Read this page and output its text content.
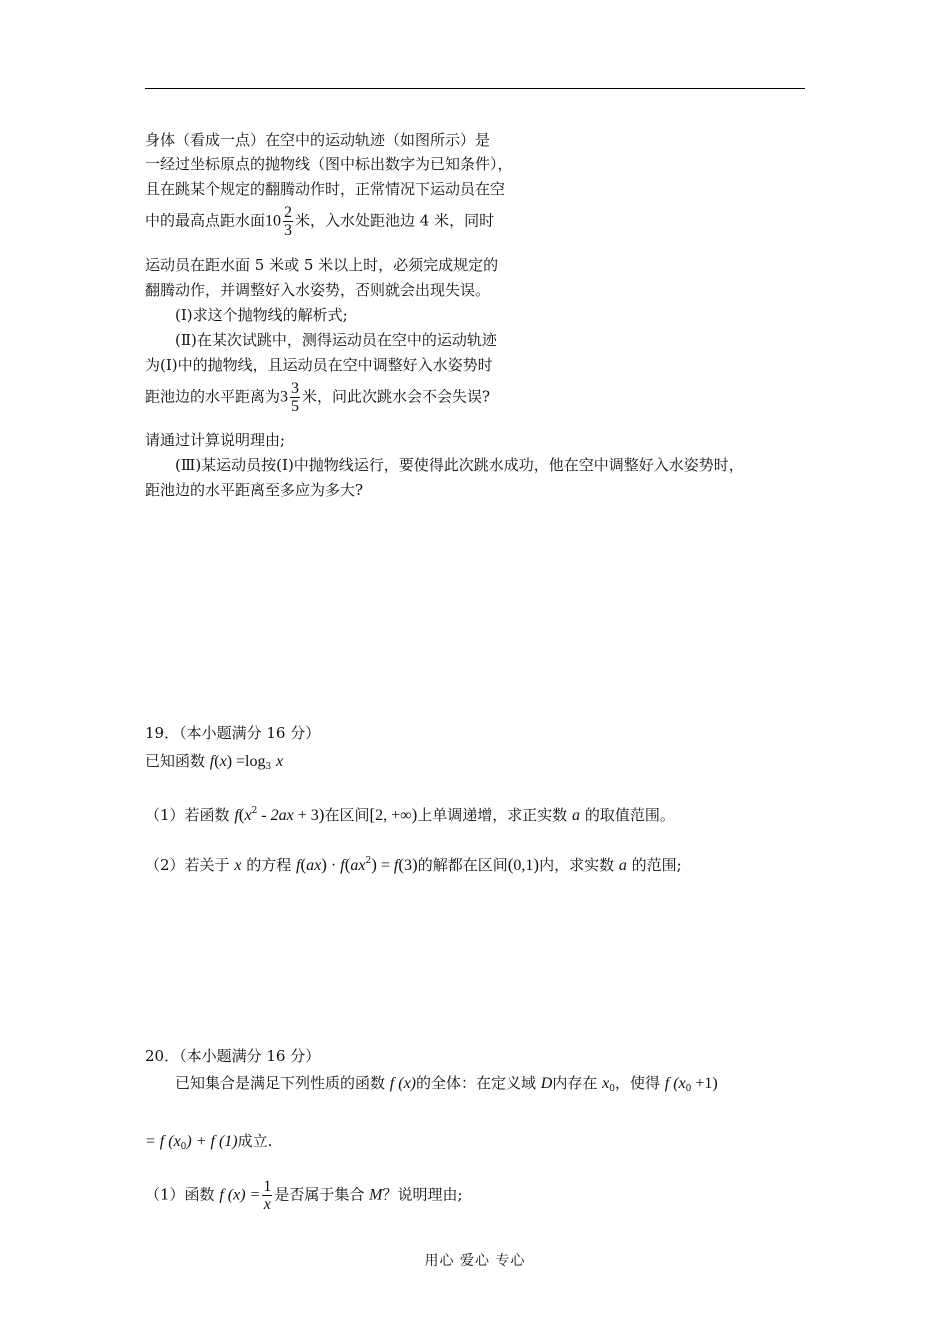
身体（看成一点）在空中的运动轨迹（如图所示）是
一经过坐标原点的抛物线（图中标出数字为已知条件），
且在跳某个规定的翻腾动作时，正常情况下运动员在空
中的最高点距水面$10 \frac{2}{3}$ 米，入水处距池边 4 米，同时
运动员在距水面 5 米或 5 米以上时，必须完成规定的
翻腾动作，并调整好入水姿势，否则就会出现失误。
(Ⅰ)求这个抛物线的解析式;
(Ⅱ)在某次试跳中，测得运动员在空中的运动轨迹
为(Ⅰ)中的抛物线，且运动员在空中调整好入水姿势时
距池边的水平距离为$3 \frac{3}{5}$ 米，问此次跳水会不会失误?
请通过计算说明理由;
(Ⅲ)某运动员按(Ⅰ)中抛物线运行，要使得此次跳水成功，他在空中调整好入水姿势时，
距池边的水平距离至多应为多大?
19．（本小题满分 16 分）
已知函数 $f(x) =\log_3$ x
（1）若函数 $f(x^2 - 2ax + 3)$在区间[2, +∞)上单调递增，求正实数 a 的取值范围。
（2）若关于 x 的方程 $f(ax) \cdot f(ax^2) = f(3)$的解都在区间(0,1)内，求实数 a 的范围;
20．（本小题满分 16 分）
已知集合是满足下列性质的函数 f (x)的全体：在定义域 D内存在 $x_0$，使得 f $(x_0 +1)$
= f $(x_0) + f$ (1)成立.
（1）函数 f $(x) = \frac{1}{x}$ 是否属于集合 M？说明理由;
用心 爱心 专心
